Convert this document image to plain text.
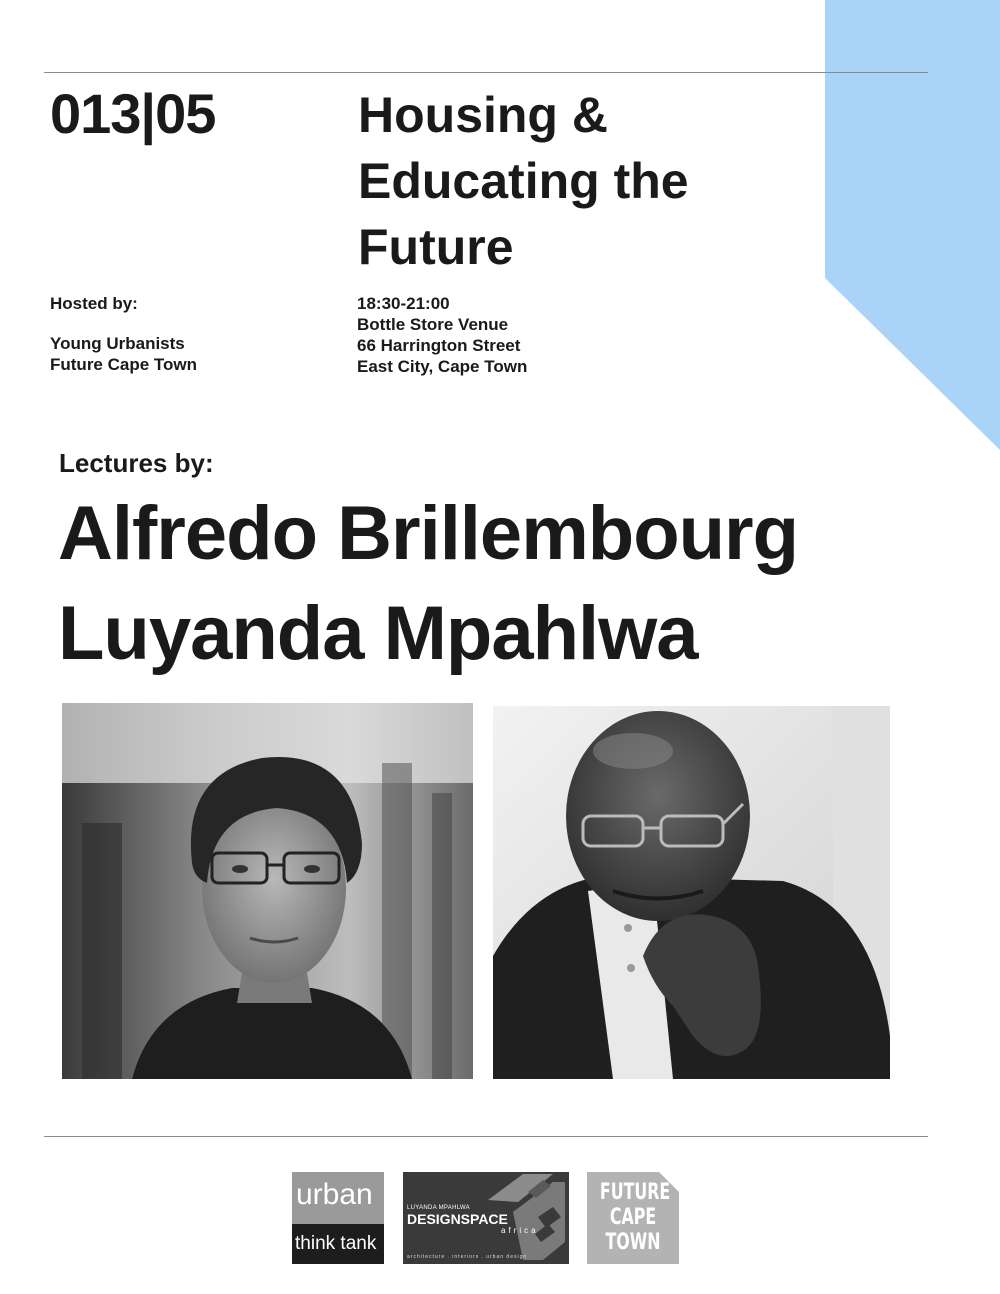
013|05	Housing &
Educating the
Future
Hosted by:
Young Urbanists
Future Cape Town
18:30-21:00
Bottle Store Venue
66 Harrington Street
East City, Cape Town
Lectures by:
Alfredo Brillembourg
Luyanda Mpahlwa
urban
think tank
LUYANDA MPAHLWA
DESIGNSPACE
africa
architecture . interiors . urban design
FUTURE
CAPE
TOWN
